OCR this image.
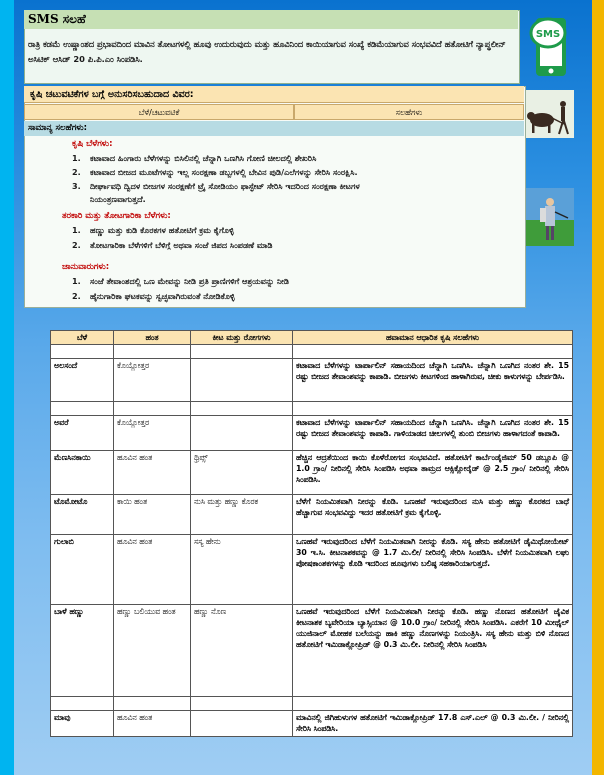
SMS ಸಲಹೆ
ರಾತ್ರಿ ಕಡಮೆ ಉಷ್ಣಾಂಶದ ಪ್ರಭಾವದಿಂದ ಮಾವಿನ ತೋಟಗಳಲ್ಲಿ ಹೂವು ಉದುರುವುದು ಮತ್ತು ಹೂವಿನಿಂದ ಕಾಯಿಯಾಗುವ ಸಂಖ್ಯೆ ಕಡಿಮೆಯಾಗುವ ಸಂಭವವಿದೆ ಹತೋಟಿಗೆ ನ್ಯಾಪ್ಥಲೀನ್ ಅಸಿಟಿಕ್ ಆಸಿಡ್ 20 ಪಿ.ಪಿ.ಎಂ ಸಿಂಪಡಿಸಿ.
SMS
ಕೃಷಿ ಚಟುವಟಿಕೆಗಳ ಬಗ್ಗೆ ಅನುಸರಿಸಬಹುದಾದ ವಿವರ:
ಬೆಳೆ/ಚಟುವಟಿಕೆ	ಸಲಹೆಗಳು
ಸಾಮಾನ್ಯ ಸಲಹೆಗಳು:
ಕೃಷಿ ಬೆಳೆಗಳು:
1. ಕಟಾವಾದ ಹಿಂಗಾರು ಬೆಳೆಗಳನ್ನು ಬಿಸಿಲಿನಲ್ಲಿ ಚೆನ್ನಾಗಿ ಒಣಗಿಸಿ ಗೋಣಿ ಚೀಲದಲ್ಲಿ ಶೇಖರಿಸಿ
2. ಕಟಾವಾದ ಬೀಜದ ಮೂಟೆಗಳನ್ನು ಇಲ್ಲ ಸಂರಕ್ಷಣಾ ಡಬ್ಬಗಳಲ್ಲಿ ಬೇವಿನ ಪುಡಿ/ಎಲೆಗಳನ್ನು ಸೇರಿಸಿ ಸಂರಕ್ಷಿಸಿ.
3. ದೀರ್ಘಾವಧಿ ದ್ವಿದಳ ಬೀಜಗಳ ಸಂರಕ್ಷಣೆಗೆ ಟ್ರೈ ಸೋಡಿಯಂ ಫಾಸ್ಫೇಟ್ ಸೇರಿಸಿ ಇದರಿಂದ ಸಂರಕ್ಷಣಾ ಕೀಟಗಳ
ನಿಯಂತ್ರಣವಾಗುತ್ತದೆ.
ತರಕಾರಿ ಮತ್ತು ತೋಟಗಾರಿಕಾ ಬೆಳೆಗಳು:
1. ಹಣ್ಣು ಮತ್ತು ಕುಡಿ ಕೊರಕಗಳ ಹತೋಟಿಗೆ ಕ್ರಮ ಕೈಗೊಳ್ಳಿ
2. ತೋಟಗಾರಿಕಾ ಬೆಳೆಗಳಿಗೆ ಬೆಳಿಗ್ಗೆ ಅಥವಾ ಸಂಜೆ ಜಿಪದ ಸಿಂಪಡಣೆ ಮಾಡಿ
ಜಾನುವಾರುಗಳು:
1. ಸಂಜೆ ತೇವಾಂಶದಲ್ಲಿ ಒಣ ಮೇವನ್ನು ನೀಡಿ ಪ್ರತಿ ಪ್ರಾಣಿಗಳಿಗೆ ಆಶ್ರಯವನ್ನು ನೀಡಿ
2. ಹೈನುಗಾರಿಕಾ ಘಟಕವನ್ನು ಸ್ವಚ್ಛವಾಗಿರುವಂತೆ ನೋಡಿಕೊಳ್ಳಿ
ಬೆಳೆ	ಹಂತ	ಕೀಟ ಮತ್ತು ರೋಗಗಳು	ಹವಾಮಾನ ಆಧಾರಿತ ಕೃಷಿ ಸಲಹೆಗಳು

ಅಲಸಂದೆ	ಕೊಯ್ಲೋತ್ತರ		ಕಟಾವಾದ ಬೆಳೆಗಳನ್ನು ಟಾರ್ಪಾಲಿನ್ ಸಹಾಯದಿಂದ ಚೆನ್ನಾಗಿ ಒಣಗಿಸಿ. ಚೆನ್ನಾಗಿ ಒಣಗಿದ ನಂತರ ಶೇ. 15 ರಷ್ಟು ಬೀಜದ ತೇವಾಂಶವನ್ನು ಕಾಪಾಡಿ. ಬೀಜಗಳು ಕೀಟಗಳಿಂದ ಹಾಳಾಗಿರುವ, ಚೀಕು ಕಾಳುಗಳನ್ನು ಬೇರ್ಪಡಿಸಿ.

ಅವರೆ	ಕೊಯ್ಲೋತ್ತರ		ಕಟಾವಾದ ಬೆಳೆಗಳನ್ನು ಟಾರ್ಪಾಲಿನ್ ಸಹಾಯದಿಂದ ಚೆನ್ನಾಗಿ ಒಣಗಿಸಿ. ಚೆನ್ನಾಗಿ ಒಣಗಿದ ನಂತರ ಶೇ. 15 ರಷ್ಟು ಬೀಜದ ತೇವಾಂಶವನ್ನು ಕಾಪಾಡಿ. ಗಾಳಿಯಾಡದ ಚೀಲಗಳಲ್ಲಿ ತುಂಬಿ ಬೀಜಗಳು ಹಾಳಾಗದಂತೆ ಕಾಪಾಡಿ.
ಮೆಣಸಿನಕಾಯಿ	ಹೂವಿನ ಹಂತ	ಥ್ರಿಪ್ಸ್	ಹೆಚ್ಚಿನ ಆದ್ರತೆಯಿಂದ ಕಾಯಿ ಕೊಳೆರೋಗದ ಸಂಭವವಿದೆ. ಹತೋಟಿಗೆ ಕಾರ್ಬೆಂಡೈಜಿಮ್ 50 ಡಬ್ಲೂಪಿ @ 1.0 ಗ್ರಾಂ/ ನೀರಿನಲ್ಲಿ ಸೇರಿಸಿ ಸಿಂಪಡಿಸಿ ಅಥವಾ ತಾಮ್ರದ ಆಕ್ಸಿಕ್ಲೋರೈಡ್ @ 2.5 ಗ್ರಾಂ/ ನೀರಿನಲ್ಲಿ ಸೇರಿಸಿ ಸಿಂಪಡಿಸಿ.
ಟೊಮೋಟೊ	ಕಾಯಿ ಹಂತ	ನುಸಿ ಮತ್ತು ಹಣ್ಣು ಕೊರಕ	ಬೆಳೆಗೆ ನಿಯಮಿತವಾಗಿ ನೀರನ್ನು ಕೊಡಿ. ಒಣಹವೆ ಇರುವುದರಿಂದ ನುಸಿ ಮತ್ತು ಹಣ್ಣು ಕೊರಕದ ಬಾಧೆ ಹೆಚ್ಚಾಗುವ ಸಂಭವವಿದ್ದು ಇದರ ಹತೋಟಿಗೆ ಕ್ರಮ ಕೈಗೊಳ್ಳಿ.
ಗುಲಾಬಿ	ಹೂವಿನ ಹಂತ	ಸಸ್ಯ ಹೇನು	ಒಣಹವೆ ಇರುವುದರಿಂದ ಬೆಳೆಗೆ ನಿಯಮಿತವಾಗಿ ನೀರನ್ನು ಕೊಡಿ. ಸಸ್ಯ ಹೇನು ಹತೋಟಿಗೆ ಡೈಮಿಥೋಯೇಟ್ 30 ಇ.ಸಿ. ಕೀಟನಾಶಕವನ್ನು @ 1.7 ಮಿ.ಲೀ/ ನೀರಿನಲ್ಲಿ ಸೇರಿಸಿ ಸಿಂಪಡಿಸಿ. ಬೆಳೆಗೆ ನಿಯಮಿತವಾಗಿ ಲಘು ಪೋಷಕಾಂಶಕಗಳನ್ನು ಕೊಡಿ ಇದರಿಂದ ಹೂವುಗಳು ಬಲಿಷ್ಠ ಸಹಕಾರಿಯಾಗುತ್ತದೆ.
ಬಾಳೆ ಹಣ್ಣು	ಹಣ್ಣು ಬಲಿಯುವ ಹಂತ	ಹಣ್ಣು ನೊಣ	ಒಣಹವೆ ಇರುವುದರಿಂದ ಬೆಳೆಗೆ ನಿಯಮಿತವಾಗಿ ನೀರನ್ನು ಕೊಡಿ. ಹಣ್ಣು ನೊಣದ ಹತೋಟಿಗೆ ಜೈವಿಕ ಕೀಟನಾಶಕ ಬ್ಯವೇರಿಯಾ ಬ್ಯಾಸ್ಸಿಯಾನ @ 10.0 ಗ್ರಾಂ/ ನೀರಿನಲ್ಲಿ ಸೇರಿಸಿ ಸಿಂಪಡಿಸಿ. ಎಕರೆಗೆ 10 ಮೀಥೈಲ್ ಯುಜಿನಾಲ್ ಮೋಹಕ ಬಲೆಯನ್ನು ಹಾಕಿ ಹಣ್ಣು ನೊಣಗಳನ್ನು ನಿಯಂತ್ರಿಸಿ. ಸಸ್ಯ ಹೇನು ಮತ್ತು ಬಿಳಿ ನೊಣದ ಹತೋಟಿಗೆ ಇಮಿಡಾಕ್ಲೋಪ್ರಿಡ್ @ 0.3 ಮಿ.ಲೀ. ನೀರಿನಲ್ಲಿ ಸೇರಿಸಿ ಸಿಂಪಡಿಸಿ

ಮಾವು	ಹೂವಿನ ಹಂತ		ಮಾವಿನಲ್ಲಿ ಜಿಗಿಹುಳುಗಳ ಹತೋಟಿಗೆ ಇಮಿಡಾಕ್ಲೋಪ್ರಿಡ್ 17.8 ಎಸ್.ಎಲ್ @ 0.3 ಮಿ.ಲೀ. / ನೀರಿನಲ್ಲಿ ಸೇರಿಸಿ ಸಿಂಪಡಿಸಿ.
